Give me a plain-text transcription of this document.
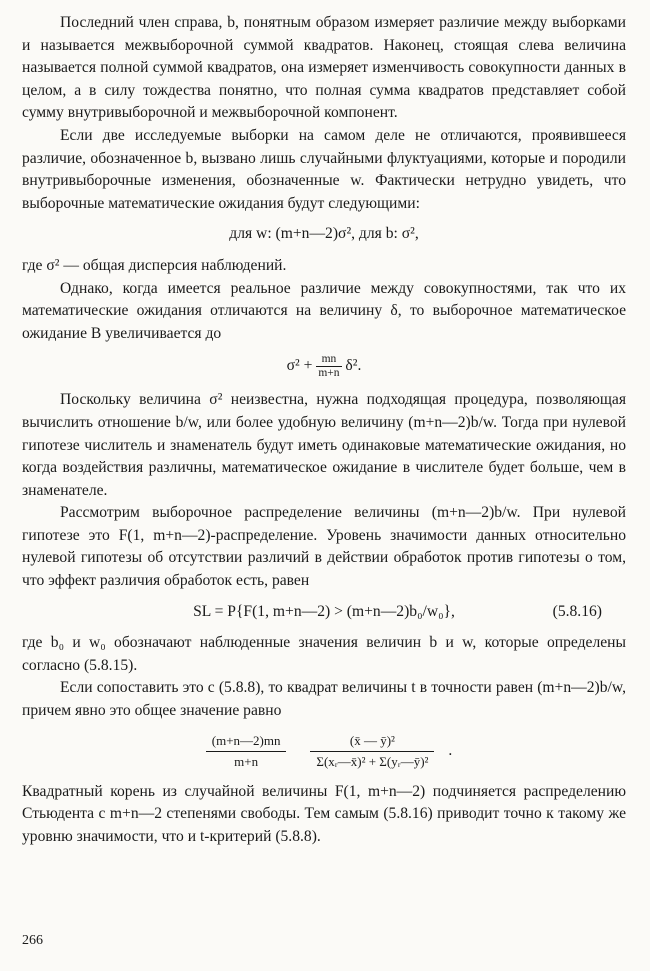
Последний член справа, b, понятным образом измеряет различие между выборками и называется межвыборочной суммой квадратов. Наконец, стоящая слева величина называется полной суммой квадратов, она измеряет изменчивость совокупности данных в целом, а в силу тождества понятно, что полная сумма квадратов представляет собой сумму внутривыборочной и межвыборочной компонент.

Если две исследуемые выборки на самом деле не отличаются, проявившееся различие, обозначенное b, вызвано лишь случайными флуктуациями, которые и породили внутривыборочные изменения, обозначенные w. Фактически нетрудно увидеть, что выборочные математические ожидания будут следующими:

для w: (m+n—2)σ², для b: σ²,

где σ² — общая дисперсия наблюдений.

Однако, когда имеется реальное различие между совокупностями, так что их математические ожидания отличаются на величину δ, то выборочное математическое ожидание B увеличивается до

$\sigma^2 + \frac{mn}{m+n} \delta^2$.

Поскольку величина σ² неизвестна, нужна подходящая процедура, позволяющая вычислить отношение b/w, или более удобную величину (m+n—2)b/w. Тогда при нулевой гипотезе числитель и знаменатель будут иметь одинаковые математические ожидания, но когда воздействия различны, математическое ожидание в числителе будет больше, чем в знаменателе.

Рассмотрим выборочное распределение величины (m+n—2)b/w. При нулевой гипотезе это F(1, m+n—2)-распределение. Уровень значимости данных относительно нулевой гипотезы об отсутствии различий в действии обработок против гипотезы о том, что эффект различия обработок есть, равен

SL = P{F(1, m+n—2) > (m+n—2)b₀/w₀},	(5.8.16)

где b₀ и w₀ обозначают наблюденные значения величин b и w, которые определены согласно (5.8.15).

Если сопоставить это с (5.8.8), то квадрат величины t в точности равен (m+n—2)b/w, причем явно это общее значение равно

$\frac{(m+n—2)mn}{m+n}$
$\frac{\text{(x̄ — ȳ)²}}{\text{Σ(xᵣ—x̄)² + Σ(yᵣ—ȳ)²}}$ .

Квадратный корень из случайной величины F(1, m+n—2) подчиняется распределению Стьюдента с m+n—2 степенями свободы. Тем самым (5.8.16) приводит точно к такому же уровню значимости, что и t-критерий (5.8.8).

266
